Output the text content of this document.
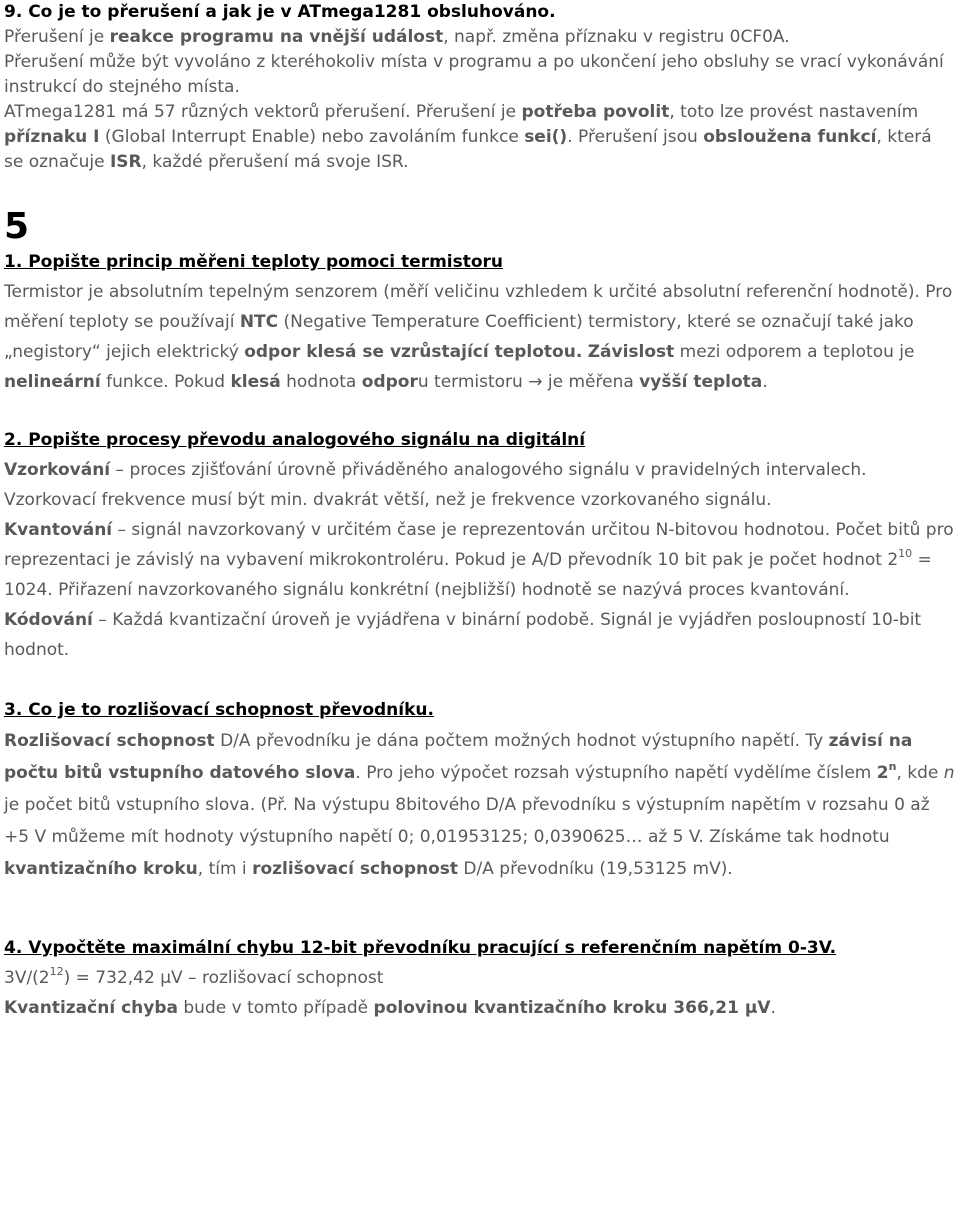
9. Co je to přerušení a jak je v ATmega1281 obsluhováno.
Přerušení je reakce programu na vnější událost, např. změna příznaku v registru 0CF0A.
Přerušení může být vyvoláno z kteréhokoliv místa v programu a po ukončení jeho obsluhy se vrací vykonávání instrukcí do stejného místa.
ATmega1281 má 57 různých vektorů přerušení. Přerušení je potřeba povolit, toto lze provést nastavením příznaku I (Global Interrupt Enable) nebo zavoláním funkce sei(). Přerušení jsou obsloužena funkcí, která se označuje ISR, každé přerušení má svoje ISR.
5
1. Popište princip měřeni teploty pomoci termistoru
Termistor je absolutním tepelným senzorem (měří veličinu vzhledem k určité absolutní referenční hodnotě). Pro měření teploty se používají NTC (Negative Temperature Coefficient) termistory, které se označují také jako „negistory“ jejich elektrický odpor klesá se vzrůstající teplotou. Závislost mezi odporem a teplotou je nelineární funkce. Pokud klesá hodnota odporu termistoru → je měřena vyšší teplota.
2. Popište procesy převodu analogového signálu na digitální
Vzorkování – proces zjišťování úrovně přiváděného analogového signálu v pravidelných intervalech. Vzorkovací frekvence musí být min. dvakrát větší, než je frekvence vzorkovaného signálu.
Kvantování – signál navzorkovaný v určitém čase je reprezentován určitou N-bitovou hodnotou. Počet bitů pro reprezentaci je závislý na vybavení mikrokontroléru. Pokud je A/D převodník 10 bit pak je počet hodnot $2^{10} = 1024$. Přiřazení navzorkovaného signálu konkrétní (nejbližší) hodnotě se nazývá proces kvantování.
Kódování – Každá kvantizační úroveň je vyjádřena v binární podobě. Signál je vyjádřen posloupností 10-bit hodnot.
3. Co je to rozlišovací schopnost převodníku.
Rozlišovací schopnost D/A převodníku je dána počtem možných hodnot výstupního napětí. Ty závisí na počtu bitů vstupního datového slova. Pro jeho výpočet rozsah výstupního napětí vydělíme číslem 2$^n$, kde n je počet bitů vstupního slova. (Př. Na výstupu 8bitového D/A převodníku s výstupním napětím v rozsahu 0 až +5 V můžeme mít hodnoty výstupního napětí 0; 0,01953125; 0,0390625… až 5 V. Získáme tak hodnotu kvantizačního kroku, tím i rozlišovací schopnost D/A převodníku (19,53125 mV).
4. Vypočtěte maximální chybu 12-bit převodníku pracující s referenčním napětím 0-3V.
$3V/(2^{12}) = 732,42$ µV – rozlišovací schopnost
Kvantizační chyba bude v tomto případě polovinou kvantizačního kroku 366,21 µV.
